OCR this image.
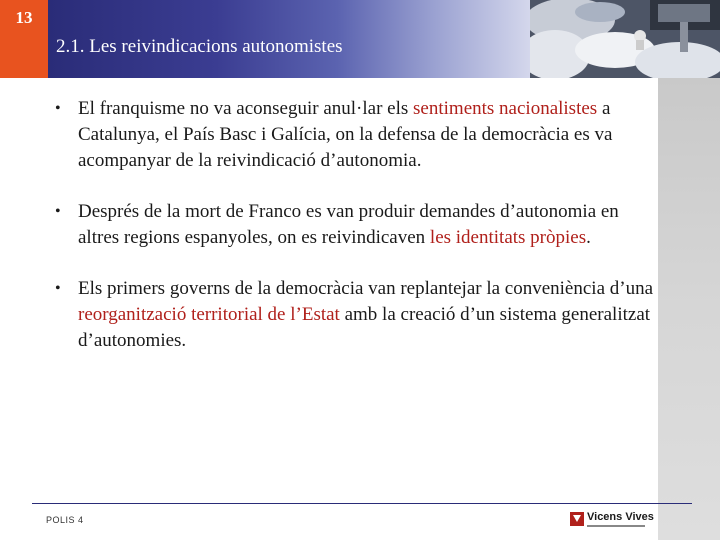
13
2.1. Les reivindicacions autonomistes
• El franquisme no va aconseguir anul·lar els sentiments nacionalistes a Catalunya, el País Basc i Galícia, on la defensa de la democràcia es va acompanyar de la reivindicació d’autonomia.
• Després de la mort de Franco es van produir demandes d’autonomia en altres regions espanyoles, on es reivindicaven les identitats pròpies.
• Els primers governs de la democràcia van replantejar la conveniència d’una reorganització territorial de l’Estat amb la creació d’un sistema generalitzat d’autonomies.
POLIS 4	Vicens Vives
